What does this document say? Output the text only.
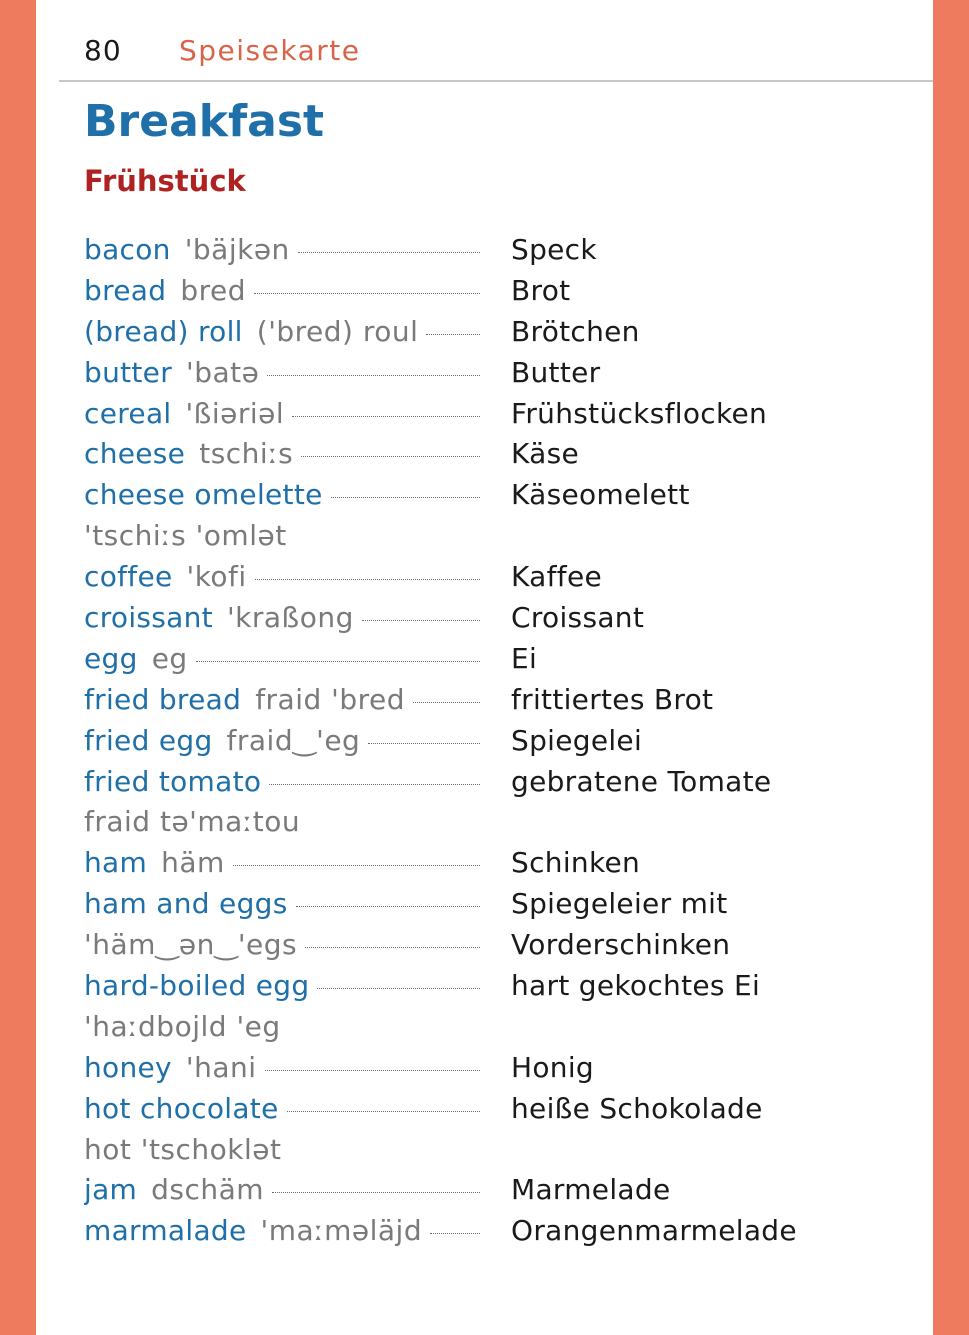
80 Speisekarte
Breakfast
Frühstück
bacon 'bäjkən	Speck
bread bred	Brot
(bread) roll ('bred) roul	Brötchen
butter 'batə	Butter
cereal 'ßiəriəl	Frühstücksflocken
cheese tschiːs	Käse
cheese omelette	Käseomelett
'tschiːs 'omlət
coffee 'kofi	Kaffee
croissant 'kraßong	Croissant
egg eg	Ei
fried bread fraid 'bred	frittiertes Brot
fried egg fraid‿'eg	Spiegelei
fried tomato	gebratene Tomate
fraid tə'maːtou
ham häm	Schinken
ham and eggs	Spiegeleier mit
'häm‿ən‿'egs	Vorderschinken
hard-boiled egg	hart gekochtes Ei
'haːdbojld 'eg
honey 'hani	Honig
hot chocolate	heiße Schokolade
hot 'tschoklət
jam dschäm	Marmelade
marmalade 'maːməläjd	Orangenmarmelade
